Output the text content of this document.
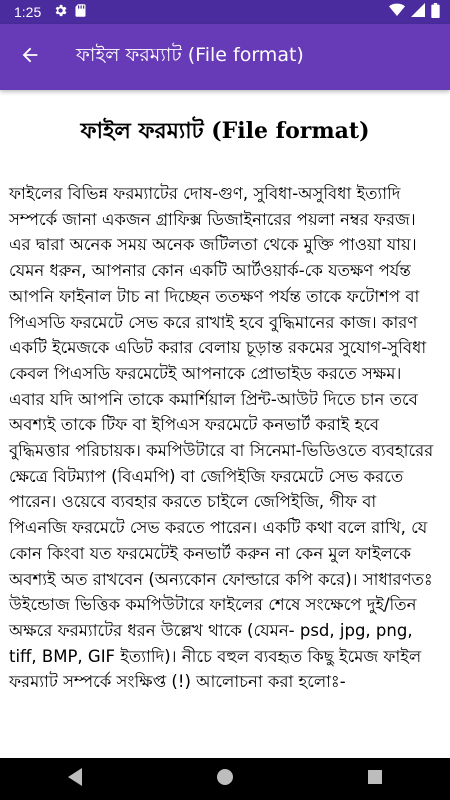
1:25
ফাইল ফরম্যাট (File format)
ফাইল ফরম্যাট (File format)

ফাইলের বিভিন্ন ফরম্যাটের দোষ-গুণ, সুবিধা-অসুবিধা ইত্যাদি সম্পর্কে জানা একজন গ্রাফিক্স ডিজাইনারের পয়লা নম্বর ফরজ। এর দ্বারা অনেক সময় অনেক জটিলতা থেকে মুক্তি পাওয়া যায়। যেমন ধরুন, আপনার কোন একটি আর্টওয়ার্ক-কে যতক্ষণ পর্যন্ত আপনি ফাইনাল টাচ না দিচ্ছেন ততক্ষণ পর্যন্ত তাকে ফটোশপ বা পিএসডি ফরমেটে সেভ করে রাখাই হবে বুদ্ধিমানের কাজ। কারণ একটি ইমেজকে এডিট করার বেলায় চূড়ান্ত রকমের সুযোগ-সুবিধা কেবল পিএসডি ফরমেটেই আপনাকে প্রোভাইড করতে সক্ষম। এবার যদি আপনি তাকে কমার্শিয়াল প্রিন্ট-আউট দিতে চান তবে অবশ্যই তাকে টিফ বা ইপিএস ফরমেটে কনভার্ট করাই হবে বুদ্ধিমত্তার পরিচায়ক। কমপিউটারে বা সিনেমা-ভিডিওতে ব্যবহারের ক্ষেত্রে বিটম্যাপ (বিএমপি) বা জেপিইজি ফরমেটে সেভ করতে পারেন। ওয়েবে ব্যবহার করতে চাইলে জেপিইজি, গীফ বা পিএনজি ফরমেটে সেভ করতে পারেন। একটি কথা বলে রাখি, যে কোন কিংবা যত ফরমেটেই কনভার্ট করুন না কেন মুল ফাইলকে অবশ্যই অত রাখবেন (অন্যকোন ফোল্ডারে কপি করে)। সাধারণতঃ উইন্ডোজ ভিত্তিক কমপিউটারে ফাইলের শেষে সংক্ষেপে দুই/তিন অক্ষরে ফরম্যাটের ধরন উল্লেখ থাকে (যেমন- psd, jpg, png, tiff, BMP, GIF ইত্যাদি)। নীচে বহুল ব্যবহৃত কিছু ইমেজ ফাইল ফরম্যাট সম্পর্কে সংক্ষিপ্ত (!) আলোচনা করা হলোঃ-
